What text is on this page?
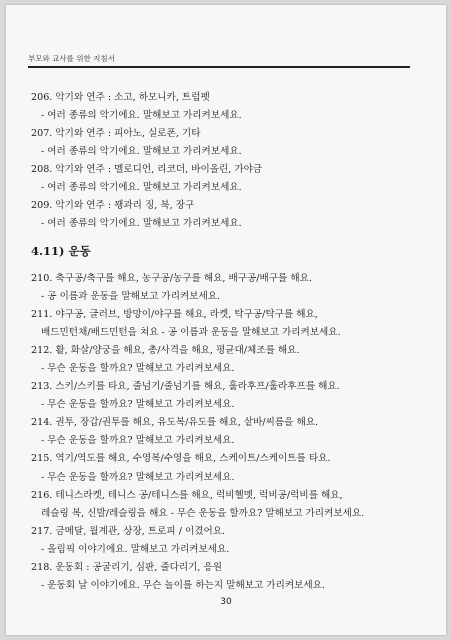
부모와 교사를 위한 지침서
206. 악기와 연주 : 소고, 하모니카, 트럼펫
- 여러 종류의 악기에요. 말해보고 가리켜보세요.
207. 악기와 연주 : 피아노, 실로폰, 기타
- 여러 종류의 악기에요. 말해보고 가리켜보세요.
208. 악기와 연주 : 멜로디언, 리코더, 바이올린, 가야금
- 여러 종류의 악기에요. 말해보고 가리켜보세요.
209. 악기와 연주 : 꽹과리 징, 북, 장구
- 여러 종류의 악기에요. 말해보고 가리켜보세요.
4.11) 운동
210. 축구공/축구를 해요, 농구공/농구를 해요, 배구공/배구를 해요.
- 공 이름과 운동을 말해보고 가리켜보세요.
211. 야구공, 글러브, 방망이/야구를 해요, 라켓, 탁구공/탁구를 해요,
배드민턴채/배드민턴을 쳐요 - 공 이름과 운동을 말해보고 가리켜보세요.
212. 활, 화살/양궁을 해요, 총/사격을 해요, 평균대/체조를 해요.
- 무슨 운동을 할까요? 말해보고 가리켜보세요.
213. 스키/스키를 타요, 줄넘기/줄넘기를 해요, 훌라후프/훌라후프를 해요.
- 무슨 운동을 할까요? 말해보고 가리켜보세요.
214. 권투, 장갑/권투를 해요, 유도복/유도를 해요, 샅바/씨름을 해요.
- 무슨 운동을 할까요? 말해보고 가리켜보세요.
215. 역기/역도를 해요, 수영복/수영을 해요, 스케이트/스케이트를 타요.
- 무슨 운동을 할까요? 말해보고 가리켜보세요.
216. 테니스라켓, 테니스 공/테니스를 해요, 럭비헬멧, 럭비공/럭비를 해요,
레슬링 복, 신발/레슬링을 해요 - 무슨 운동을 할까요? 말해보고 가리켜보세요.
217. 금메달, 월계관, 상장, 트로피 / 이겼어요.
- 올림픽 이야기에요. 말해보고 가리켜보세요.
218. 운동회 : 공굴리기, 심판, 줄다리기, 응원
- 운동회 날 이야기에요. 무슨 놀이를 하는지 말해보고 가리켜보세요.
30
